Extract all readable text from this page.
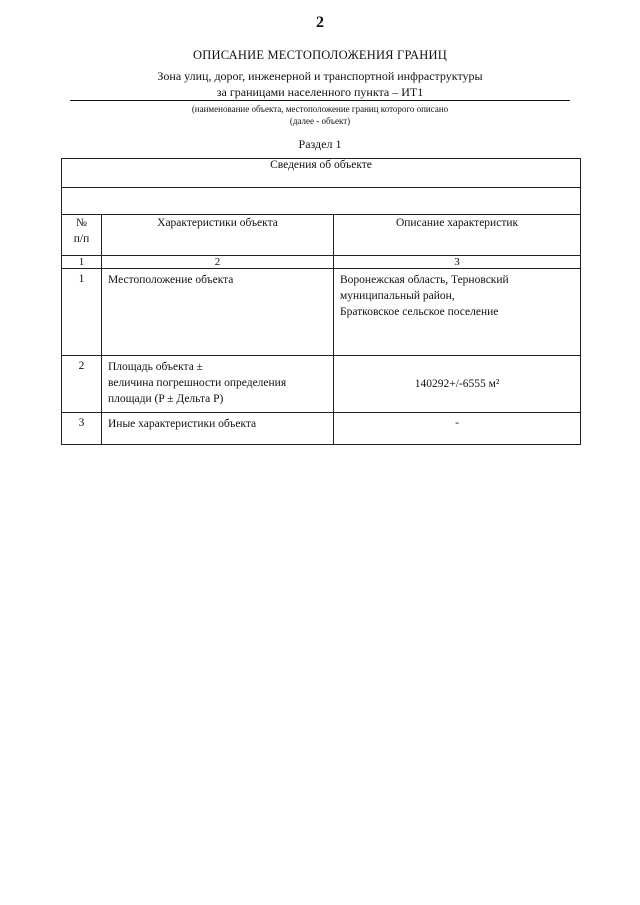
2
ОПИСАНИЕ МЕСТОПОЛОЖЕНИЯ ГРАНИЦ
Зона улиц, дорог, инженерной и транспортной инфраструктуры
за границами населенного пункта – ИТ1
(наименование объекта, местоположение границ которого описано
(далее - объект)
Раздел 1
Сведения об объекте		

№
п/п	Характеристики объекта	Описание характеристик
1	2	3
1	Местоположение объекта	Воронежская область, Терновский
муниципальный район,
Братковское сельское поселение

2	Площадь объекта ±
величина погрешности определения
площади (P ± Дельта P)	140292+/-6555 м²
3	Иные характеристики объекта	-
